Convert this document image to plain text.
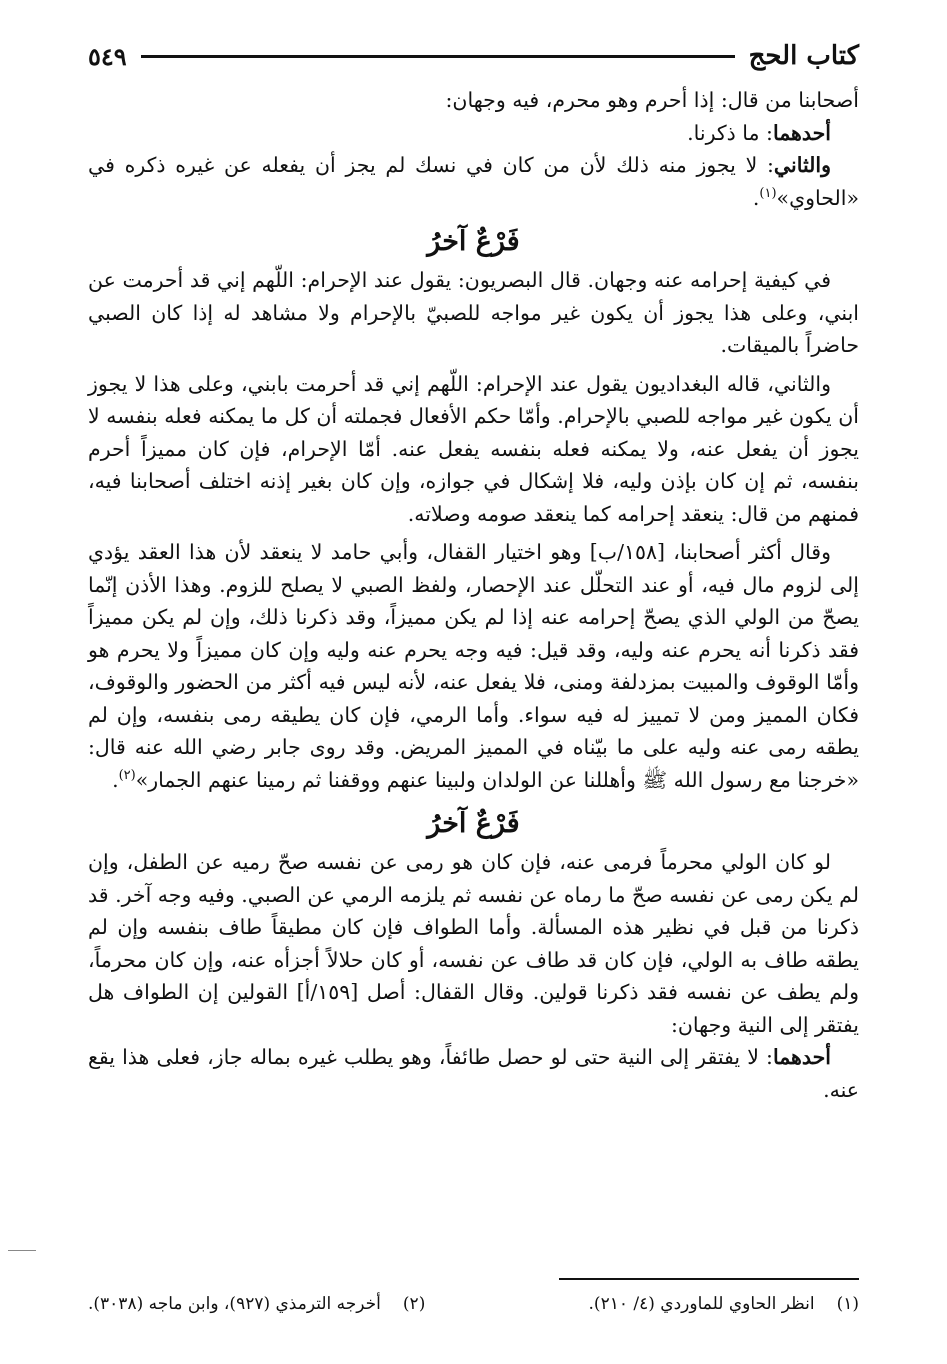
كتاب الحج
٥٤٩

أصحابنا من قال: إذا أحرم وهو محرم، فيه وجهان:

أحدهما: ما ذكرنا.

والثاني: لا يجوز منه ذلك لأن من كان في نسك لم يجز أن يفعله عن غيره ذكره في «الحاوي»$^{(١)}$.

فَرْعٌ آخرُ

في كيفية إحرامه عنه وجهان. قال البصريون: يقول عند الإحرام: اللّهم إني قد أحرمت عن ابني، وعلى هذا يجوز أن يكون غير مواجه للصبيّ بالإحرام ولا مشاهد له إذا كان الصبي حاضراً بالميقات.

والثاني، قاله البغداديون يقول عند الإحرام: اللّهم إني قد أحرمت بابني، وعلى هذا لا يجوز أن يكون غير مواجه للصبي بالإحرام. وأمّا حكم الأفعال فجملته أن كل ما يمكنه فعله بنفسه لا يجوز أن يفعل عنه، ولا يمكنه فعله بنفسه يفعل عنه. أمّا الإحرام، فإن كان مميزاً أحرم بنفسه، ثم إن كان بإذن وليه، فلا إشكال في جوازه، وإن كان بغير إذنه اختلف أصحابنا فيه، فمنهم من قال: ينعقد إحرامه كما ينعقد صومه وصلاته.

وقال أكثر أصحابنا، [١٥٨/ب] وهو اختيار القفال، وأبي حامد لا ينعقد لأن هذا العقد يؤدي إلى لزوم مال فيه، أو عند التحلّل عند الإحصار، ولفظ الصبي لا يصلح للزوم. وهذا الأذن إنّما يصحّ من الولي الذي يصحّ إحرامه عنه إذا لم يكن مميزاً، وقد ذكرنا ذلك، وإن لم يكن مميزاً فقد ذكرنا أنه يحرم عنه وليه، وقد قيل: فيه وجه يحرم عنه وليه وإن كان مميزاً ولا يحرم هو وأمّا الوقوف والمبيت بمزدلفة ومنى، فلا يفعل عنه، لأنه ليس فيه أكثر من الحضور والوقوف، فكان المميز ومن لا تمييز له فيه سواء. وأما الرمي، فإن كان يطيقه رمى بنفسه، وإن لم يطقه رمى عنه وليه على ما بيّناه في المميز المريض. وقد روى جابر رضي الله عنه قال: «خرجنا مع رسول الله ﷺ وأهللنا عن الولدان ولبينا عنهم ووقفنا ثم رمينا عنهم الجمار»$^{(٢)}$.

فَرْعٌ آخرُ

لو كان الولي محرماً فرمى عنه، فإن كان هو رمى عن نفسه صحّ رميه عن الطفل، وإن لم يكن رمى عن نفسه صحّ ما رماه عن نفسه ثم يلزمه الرمي عن الصبي. وفيه وجه آخر. قد ذكرنا من قبل في نظير هذه المسألة. وأما الطواف فإن كان مطيقاً طاف بنفسه وإن لم يطقه طاف به الولي، فإن كان قد طاف عن نفسه، أو كان حلالاً أجزأه عنه، وإن كان محرماً، ولم يطف عن نفسه فقد ذكرنا قولين. وقال القفال: أصل [١٥٩/أ] القولين إن الطواف هل يفتقر إلى النية وجهان:

أحدهما: لا يفتقر إلى النية حتى لو حصل طائفاً، وهو يطلب غيره بماله جاز، فعلى هذا يقع عنه.

(١)انظر الحاوي للماوردي (٤/ ٢١٠).
(٢)أخرجه الترمذي (٩٢٧)، وابن ماجه (٣٠٣٨).
